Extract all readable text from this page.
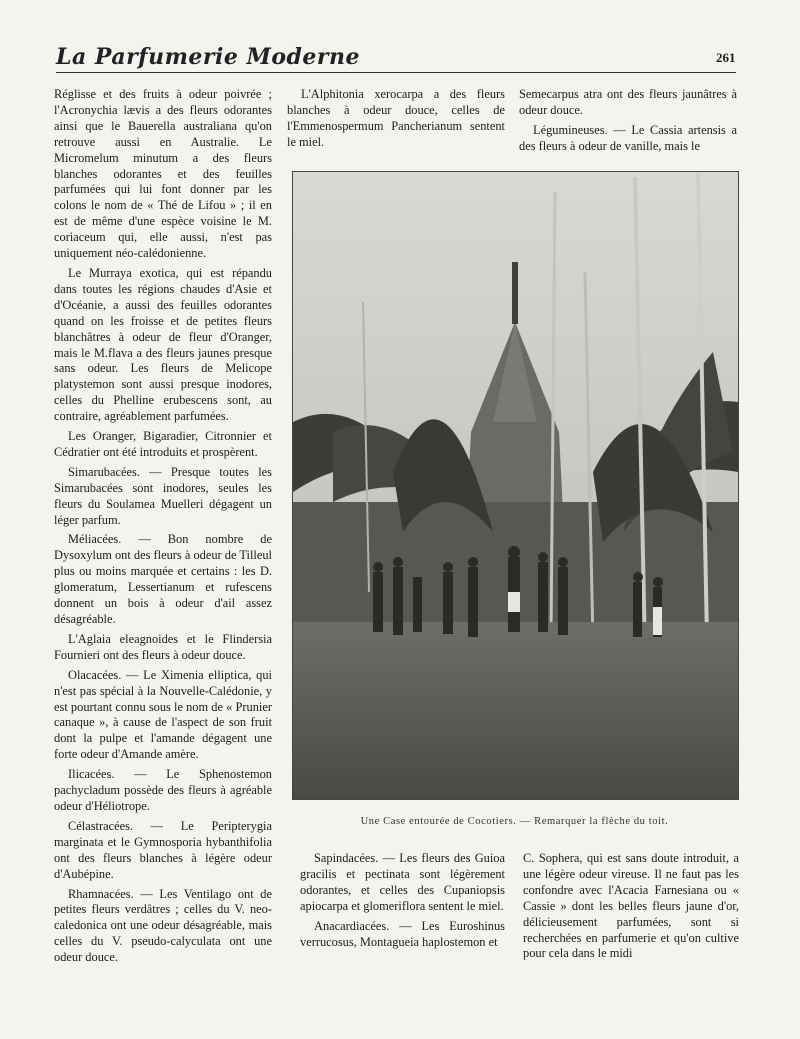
La Parfumerie Moderne	261

Réglisse et des fruits à odeur poivrée ; l'Acronychia lævis a des fleurs odorantes ainsi que le Bauerella australiana qu'on retrouve aussi en Australie. Le Micromelum minutum a des fleurs blanches odorantes et des feuilles parfumées qui lui font donner par les colons le nom de « Thé de Lifou » ; il en est de même d'une espèce voisine le M. coriaceum qui, elle aussi, n'est pas uniquement néo-calédonienne.

Le Murraya exotica, qui est répandu dans toutes les régions chaudes d'Asie et d'Océanie, a aussi des feuilles odorantes quand on les froisse et de petites fleurs blanchâtres à odeur de fleur d'Oranger, mais le M.flava a des fleurs jaunes presque sans odeur. Les fleurs de Melicope platystemon sont aussi presque inodores, celles du Phelline erubescens sont, au contraire, agréablement parfumées.

Les Oranger, Bigaradier, Citronnier et Cédratier ont été introduits et prospèrent.

Simarubacées. — Presque toutes les Simarubacées sont inodores, seules les fleurs du Soulamea Muelleri dégagent un léger parfum.

Méliacées. — Bon nombre de Dysoxylum ont des fleurs à odeur de Tilleul plus ou moins marquée et certains : les D. glomeratum, Lessertianum et rufescens donnent un bois à odeur d'ail assez désagréable.

L'Aglaia eleagnoides et le Flindersia Fournieri ont des fleurs à odeur douce.

Olacacées. — Le Ximenia elliptica, qui n'est pas spécial à la Nouvelle-Calédonie, y est pourtant connu sous le nom de « Prunier canaque », à cause de l'aspect de son fruit dont la pulpe et l'amande dégagent une forte odeur d'Amande amère.

Ilicacées. — Le Sphenostemon pachycladum possède des fleurs à agréable odeur d'Héliotrope.

Célastracées. — Le Peripterygia marginata et le Gymnosporia hybanthifolia ont des fleurs blanches à légère odeur d'Aubépine.

Rhamnacées. — Les Ventilago ont de petites fleurs verdâtres ; celles du V. neo-caledonica ont une odeur désagréable, mais celles du V. pseudo-calyculata ont une odeur douce.

L'Alphitonia xerocarpa a des fleurs blanches à odeur douce, celles de l'Emmenospermum Pancherianum sentent le miel.

Semecarpus atra ont des fleurs jaunâtres à odeur douce.

Légumineuses. — Le Cassia artensis a des fleurs à odeur de vanille, mais le

Une Case entourée de Cocotiers. — Remarquer la flèche du toit.

Sapindacées. — Les fleurs des Guioa gracilis et pectinata sont légèrement odorantes, et celles des Cupaniopsis apiocarpa et glomeriflora sentent le miel.

Anacardiacées. — Les Euroshinus verrucosus, Montagueia haplostemon et

C. Sophera, qui est sans doute introduit, a une légère odeur vireuse. Il ne faut pas les confondre avec l'Acacia Farnesiana ou « Cassie » dont les belles fleurs jaune d'or, délicieusement parfumées, sont si recherchées en parfumerie et qu'on cultive pour cela dans le midi
